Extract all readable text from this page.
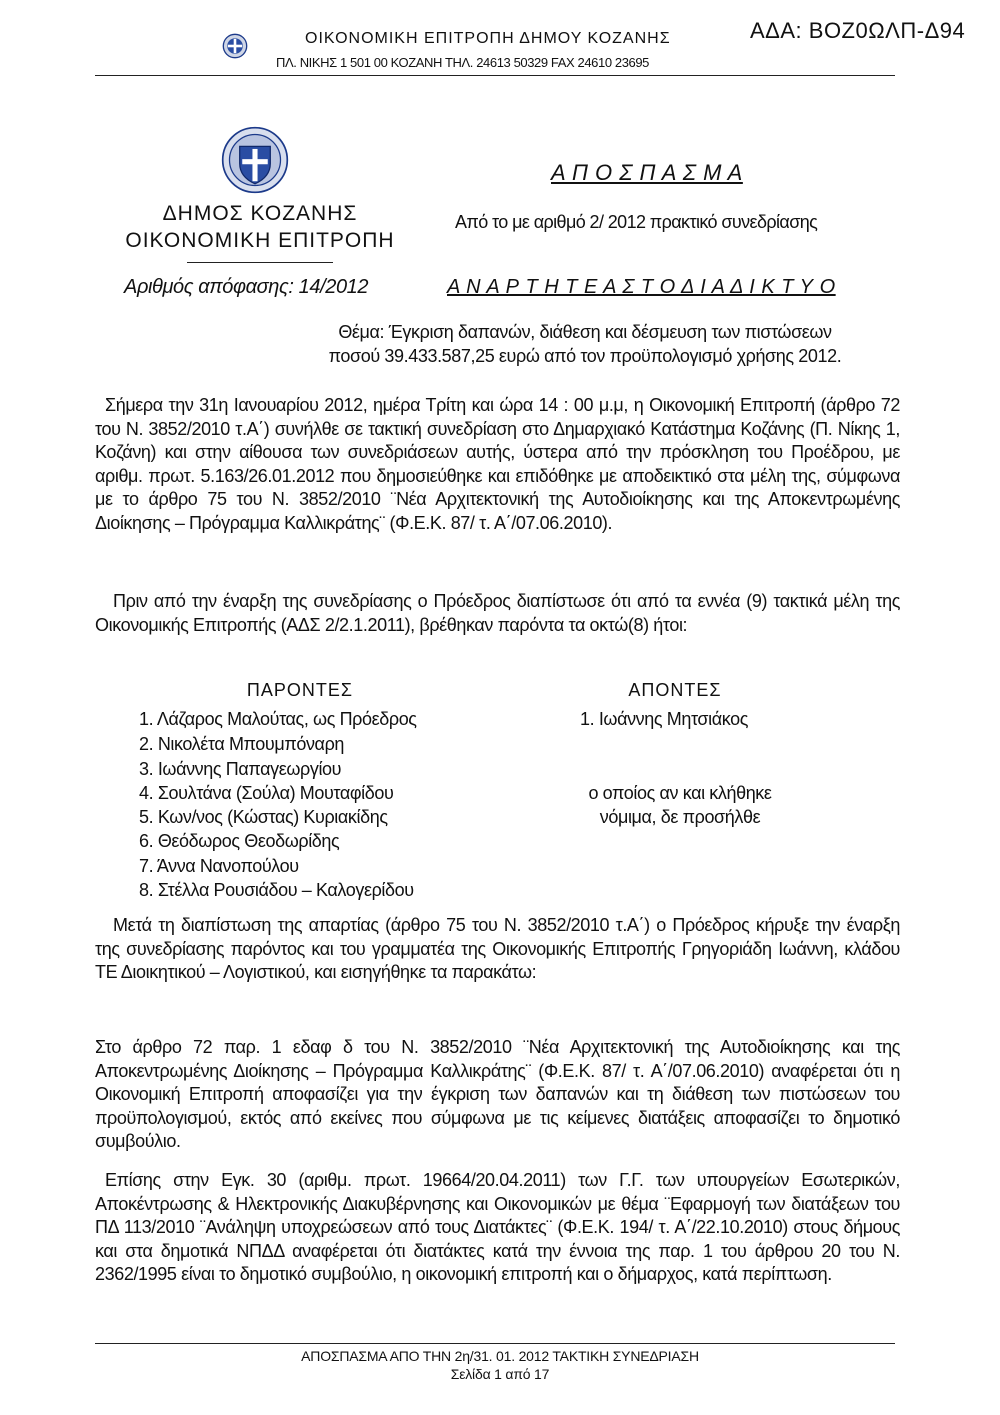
ΟΙΚΟΝΟΜΙΚΗ ΕΠΙΤΡΟΠΗ ΔΗΜΟΥ ΚΟΖΑΝΗΣ
ΠΛ. ΝΙΚΗΣ 1 501 00 ΚΟΖΑΝΗ ΤΗΛ. 24613 50329 FAX 24610 23695
ΑΔΑ: ΒΟΖ0ΩΛΠ-Δ94
ΔΗΜΟΣ ΚΟΖΑΝΗΣ
ΟΙΚΟΝΟΜΙΚΗ ΕΠΙΤΡΟΠΗ
Αριθμός απόφασης: 14/2012
Α Π Ο Σ Π Α Σ Μ Α
Από το με αριθμό 2/ 2012 πρακτικό συνεδρίασης
Α Ν Α Ρ Τ Η Τ Ε Α Σ Τ Ο Δ Ι Α Δ Ι Κ Τ Υ Ο
Θέμα: Έγκριση δαπανών, διάθεση και δέσμευση των πιστώσεων
ποσού 39.433.587,25 ευρώ από τον προϋπολογισμό χρήσης 2012.
Σήμερα την 31η Ιανουαρίου 2012, ημέρα Τρίτη και ώρα 14 : 00 μ.μ, η Οικονομική Επιτροπή (άρθρο 72 του Ν. 3852/2010 τ.Α΄) συνήλθε σε τακτική συνεδρίαση στο Δημαρχιακό Κατάστημα Κοζάνης (Π. Νίκης 1, Κοζάνη) και στην αίθουσα των συνεδριάσεων αυτής, ύστερα από την πρόσκληση του Προέδρου, με αριθμ. πρωτ. 5.163/26.01.2012 που δημοσιεύθηκε και επιδόθηκε με αποδεικτικό στα μέλη της, σύμφωνα με το άρθρο 75 του Ν. 3852/2010 ¨Νέα Αρχιτεκτονική της Αυτοδιοίκησης και της Αποκεντρωμένης Διοίκησης – Πρόγραμμα Καλλικράτης¨ (Φ.Ε.Κ. 87/ τ. Α΄/07.06.2010).
Πριν από την έναρξη της συνεδρίασης ο Πρόεδρος διαπίστωσε ότι από τα εννέα (9) τακτικά μέλη της Οικονομικής Επιτροπής (ΑΔΣ 2/2.1.2011), βρέθηκαν παρόντα τα οκτώ(8) ήτοι:
ΠΑΡΟΝΤΕΣ	ΑΠΟΝΤΕΣ
1. Λάζαρος Μαλούτας, ως Πρόεδρος
2. Νικολέτα Μπουμπόναρη
3. Ιωάννης Παπαγεωργίου
4. Σουλτάνα (Σούλα) Μουταφίδου
5. Κων/νος (Κώστας) Κυριακίδης
6. Θεόδωρος Θεοδωρίδης
7. Άννα Νανοπούλου
8. Στέλλα Ρουσιάδου – Καλογερίδου
1. Ιωάννης Μητσιάκος
ο οποίος αν και κλήθηκε
νόμιμα, δε προσήλθε
Μετά τη διαπίστωση της απαρτίας (άρθρο 75 του Ν. 3852/2010 τ.Α΄) ο Πρόεδρος κήρυξε την έναρξη της συνεδρίασης παρόντος και του γραμματέα της Οικονομικής Επιτροπής Γρηγοριάδη Ιωάννη, κλάδου ΤΕ Διοικητικού – Λογιστικού, και εισηγήθηκε τα παρακάτω:
Στο άρθρο 72 παρ. 1 εδαφ δ του Ν. 3852/2010 ¨Νέα Αρχιτεκτονική της Αυτοδιοίκησης και της Αποκεντρωμένης Διοίκησης – Πρόγραμμα Καλλικράτης¨ (Φ.Ε.Κ. 87/ τ. Α΄/07.06.2010) αναφέρεται ότι η Οικονομική Επιτροπή αποφασίζει για την έγκριση των δαπανών και τη διάθεση των πιστώσεων του προϋπολογισμού, εκτός από εκείνες που σύμφωνα με τις κείμενες διατάξεις αποφασίζει το δημοτικό συμβούλιο.
Επίσης στην Εγκ. 30 (αριθμ. πρωτ. 19664/20.04.2011) των Γ.Γ. των υπουργείων Εσωτερικών, Αποκέντρωσης & Ηλεκτρονικής Διακυβέρνησης και Οικονομικών με θέμα ¨Εφαρμογή των διατάξεων του ΠΔ 113/2010 ¨Ανάληψη υποχρεώσεων από τους Διατάκτες¨ (Φ.Ε.Κ. 194/ τ. Α΄/22.10.2010) στους δήμους και στα δημοτικά ΝΠΔΔ αναφέρεται ότι διατάκτες κατά την έννοια της παρ. 1 του άρθρου 20 του Ν. 2362/1995 είναι το δημοτικό συμβούλιο, η οικονομική επιτροπή και ο δήμαρχος, κατά περίπτωση.
ΑΠΟΣΠΑΣΜΑ ΑΠΟ ΤΗΝ 2η/31. 01. 2012 ΤΑΚΤΙΚΗ ΣΥΝΕΔΡΙΑΣΗ
Σελίδα 1 από 17
